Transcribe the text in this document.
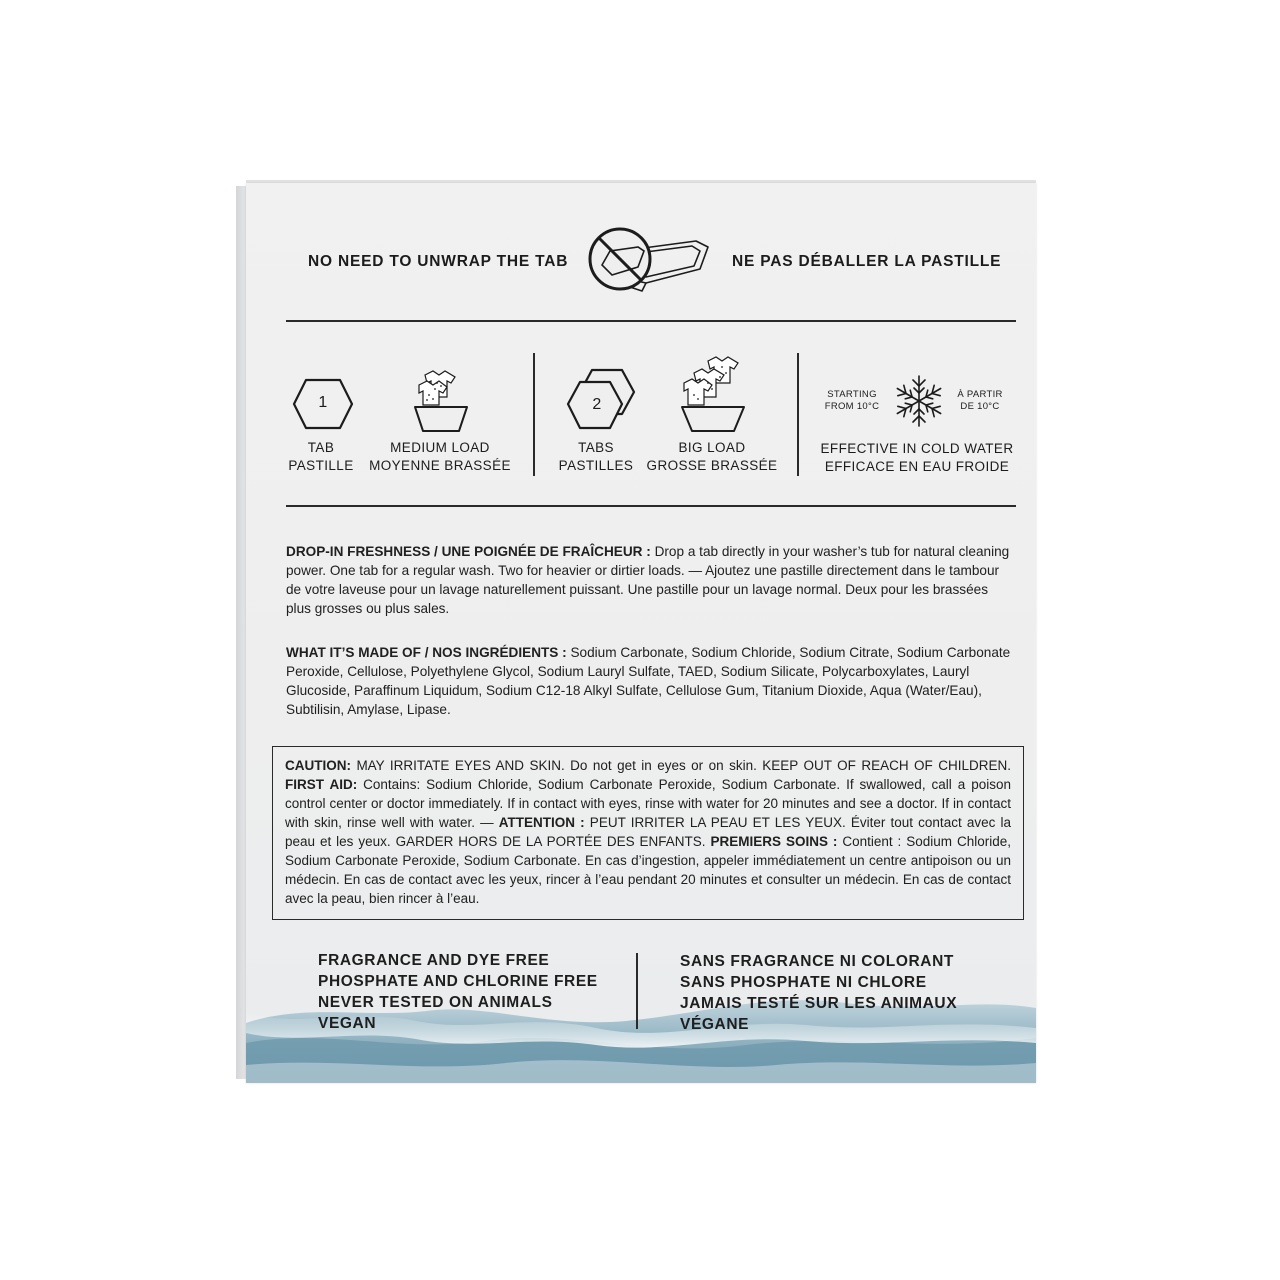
NO NEED TO UNWRAP THE TAB	NE PAS DÉBALLER LA PASTILLE
1
TAB
PASTILLE
MEDIUM LOAD
MOYENNE BRASSÉE
2
TABS
PASTILLES
BIG LOAD
GROSSE BRASSÉE
STARTING
FROM 10°C
À PARTIR
DE 10°C
EFFECTIVE IN COLD WATER
EFFICACE EN EAU FROIDE

DROP-IN FRESHNESS / UNE POIGNÉE DE FRAÎCHEUR : Drop a tab directly in your washer’s tub for natural cleaning power. One tab for a regular wash. Two for heavier or dirtier loads. — Ajoutez une pastille directement dans le tambour de votre laveuse pour un lavage naturellement puissant. Une pastille pour un lavage normal. Deux pour les brassées plus grosses ou plus sales.

WHAT IT’S MADE OF / NOS INGRÉDIENTS : Sodium Carbonate, Sodium Chloride, Sodium Citrate, Sodium Carbonate Peroxide, Cellulose, Polyethylene Glycol, Sodium Lauryl Sulfate, TAED, Sodium Silicate, Polycarboxylates, Lauryl Glucoside, Paraffinum Liquidum, Sodium C12-18 Alkyl Sulfate, Cellulose Gum, Titanium Dioxide, Aqua (Water/Eau), Subtilisin, Amylase, Lipase.

CAUTION: MAY IRRITATE EYES AND SKIN. Do not get in eyes or on skin. KEEP OUT OF REACH OF CHILDREN. FIRST AID: Contains: Sodium Chloride, Sodium Carbonate Peroxide, Sodium Carbonate. If swallowed, call a poison control center or doctor immediately. If in contact with eyes, rinse with water for 20 minutes and see a doctor. If in contact with skin, rinse well with water. — ATTENTION : PEUT IRRITER LA PEAU ET LES YEUX. Éviter tout contact avec la peau et les yeux. GARDER HORS DE LA PORTÉE DES ENFANTS. PREMIERS SOINS : Contient : Sodium Chloride, Sodium Carbonate Peroxide, Sodium Carbonate. En cas d’ingestion, appeler immédiatement un centre antipoison ou un médecin. En cas de contact avec les yeux, rincer à l’eau pendant 20 minutes et consulter un médecin. En cas de contact avec la peau, bien rincer à l’eau.
FRAGRANCE AND DYE FREE
PHOSPHATE AND CHLORINE FREE
NEVER TESTED ON ANIMALS
VEGAN
SANS FRAGRANCE NI COLORANT
SANS PHOSPHATE NI CHLORE
JAMAIS TESTÉ SUR LES ANIMAUX
VÉGANE
